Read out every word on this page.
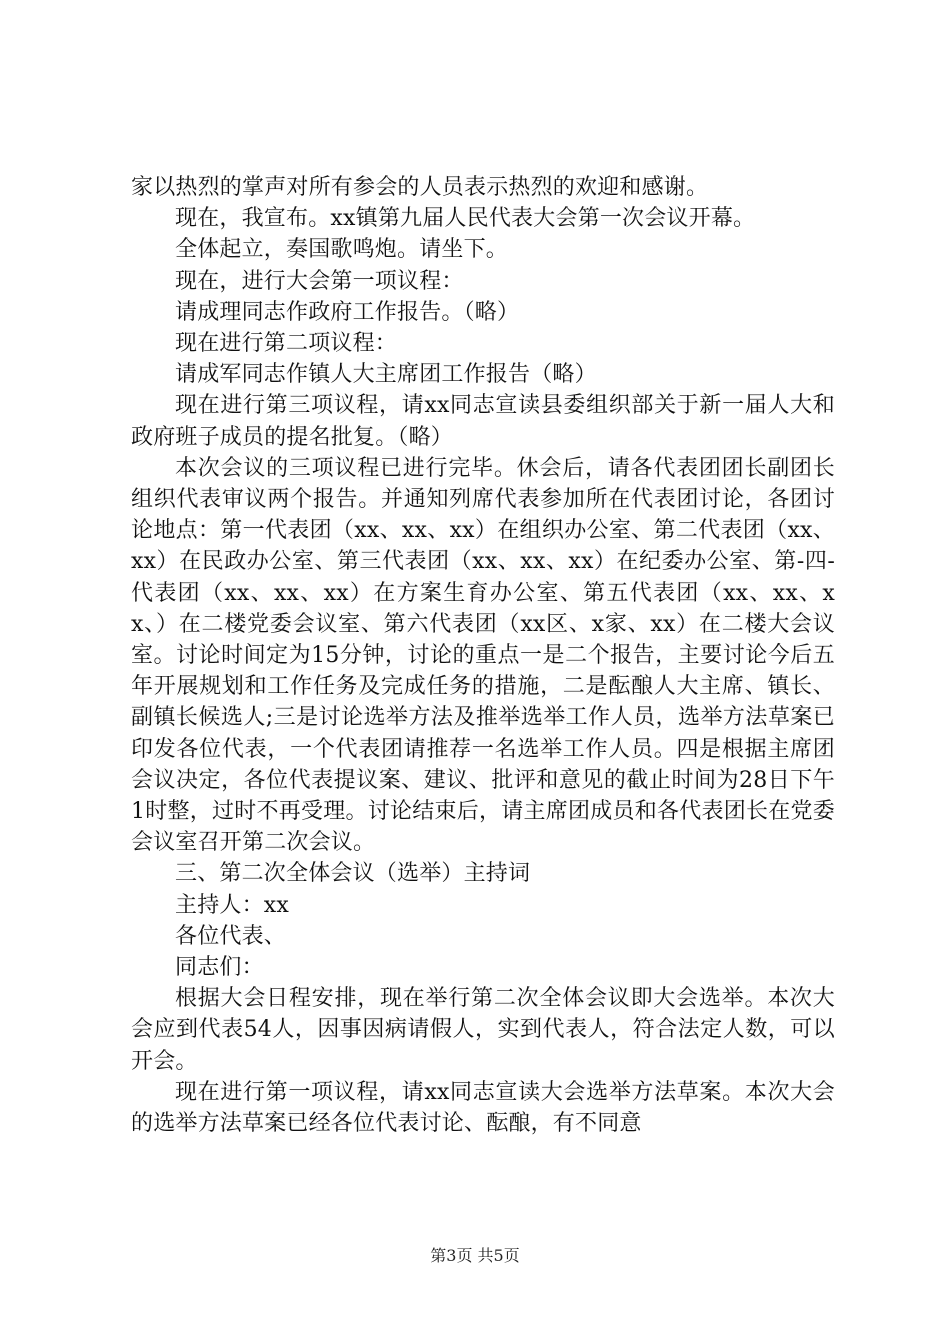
家以热烈的掌声对所有参会的人员表示热烈的欢迎和感谢。

现在，我宣布。xx镇第九届人民代表大会第一次会议开幕。

全体起立，奏国歌鸣炮。请坐下。

现在，进行大会第一项议程：

请成理同志作政府工作报告。（略）

现在进行第二项议程：

请成军同志作镇人大主席团工作报告（略）

现在进行第三项议程，请xx同志宣读县委组织部关于新一届人大和政府班子成员的提名批复。（略）

本次会议的三项议程已进行完毕。休会后，请各代表团团长副团长组织代表审议两个报告。并通知列席代表参加所在代表团讨论，各团讨论地点：第一代表团（xx、xx、xx）在组织办公室、第二代表团（xx、xx）在民政办公室、第三代表团（xx、xx、xx）在纪委办公室、第-四-代表团（xx、xx、xx）在方案生育办公室、第五代表团（xx、xx、xx、）在二楼党委会议室、第六代表团（xx区、x家、xx）在二楼大会议室。讨论时间定为15分钟，讨论的重点一是二个报告，主要讨论今后五年开展规划和工作任务及完成任务的措施，二是酝酿人大主席、镇长、副镇长候选人;三是讨论选举方法及推举选举工作人员，选举方法草案已印发各位代表，一个代表团请推荐一名选举工作人员。四是根据主席团会议决定，各位代表提议案、建议、批评和意见的截止时间为28日下午1时整，过时不再受理。讨论结束后，请主席团成员和各代表团长在党委会议室召开第二次会议。

三、第二次全体会议（选举）主持词

主持人：xx

各位代表、

同志们：

根据大会日程安排，现在举行第二次全体会议即大会选举。本次大会应到代表54人，因事因病请假人，实到代表人，符合法定人数，可以开会。

现在进行第一项议程，请xx同志宣读大会选举方法草案。本次大会的选举方法草案已经各位代表讨论、酝酿，有不同意

第3页 共5页
